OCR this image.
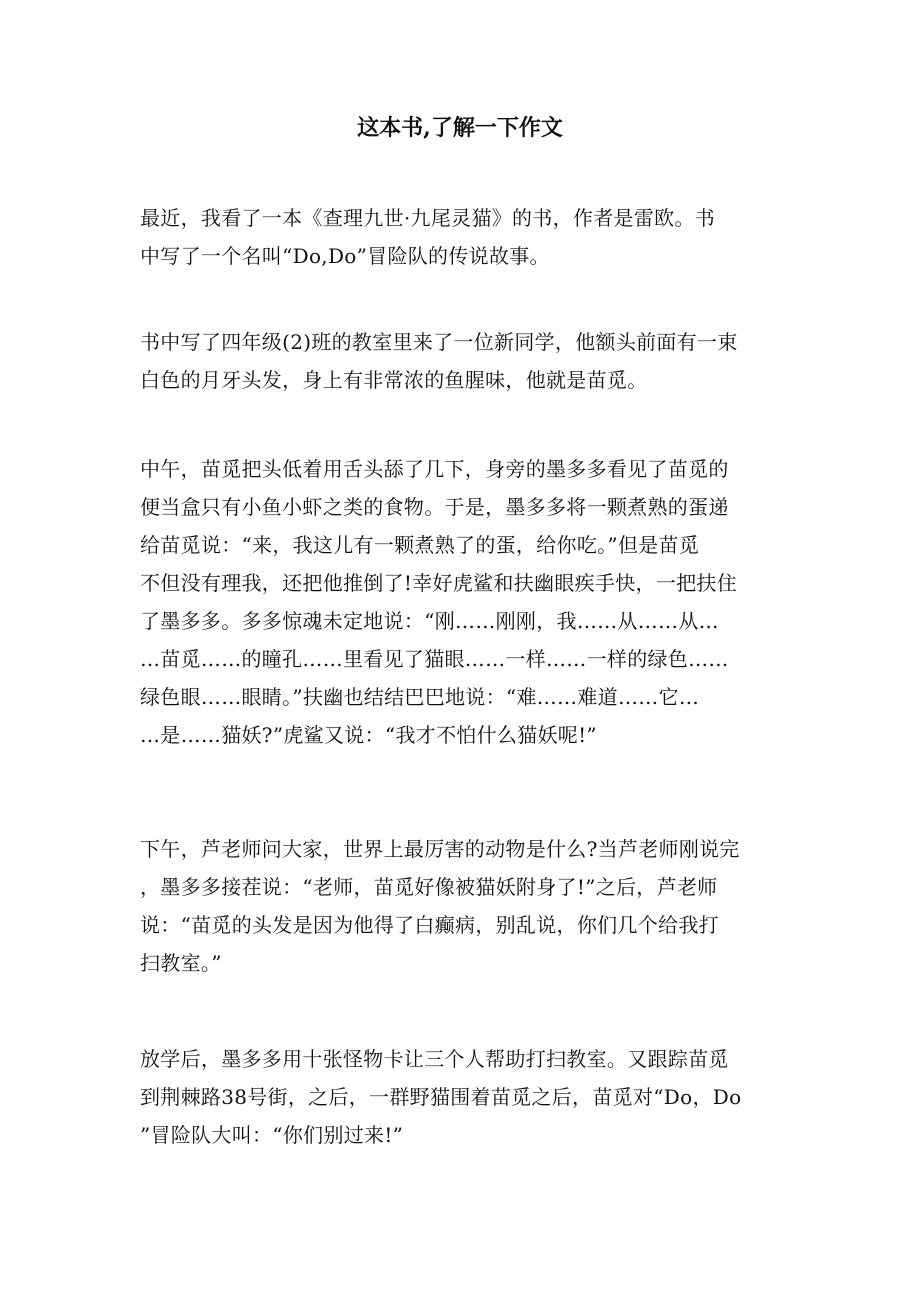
这本书,了解一下作文

最近，我看了一本《查理九世·九尾灵猫》的书，作者是雷欧。书
中写了一个名叫“Do,Do”冒险队的传说故事。

书中写了四年级(2)班的教室里来了一位新同学，他额头前面有一束
白色的月牙头发，身上有非常浓的鱼腥味，他就是苗觅。

中午，苗觅把头低着用舌头舔了几下，身旁的墨多多看见了苗觅的
便当盒只有小鱼小虾之类的食物。于是，墨多多将一颗煮熟的蛋递
给苗觅说：“来，我这儿有一颗煮熟了的蛋，给你吃。”但是苗觅
不但没有理我，还把他推倒了!幸好虎鲨和扶幽眼疾手快，一把扶住
了墨多多。多多惊魂未定地说：“刚……刚刚，我……从……从…
…苗觅……的瞳孔……里看见了猫眼……一样……一样的绿色……
绿色眼……眼睛。”扶幽也结结巴巴地说：“难……难道……它…
…是……猫妖?”虎鲨又说：“我才不怕什么猫妖呢!”

下午，芦老师问大家，世界上最厉害的动物是什么?当芦老师刚说完
，墨多多接茬说：“老师，苗觅好像被猫妖附身了!”之后，芦老师
说：“苗觅的头发是因为他得了白癫病，别乱说，你们几个给我打
扫教室。”

放学后，墨多多用十张怪物卡让三个人帮助打扫教室。又跟踪苗觅
到荆棘路38号街，之后，一群野猫围着苗觅之后，苗觅对“Do，Do
”冒险队大叫：“你们别过来!”
